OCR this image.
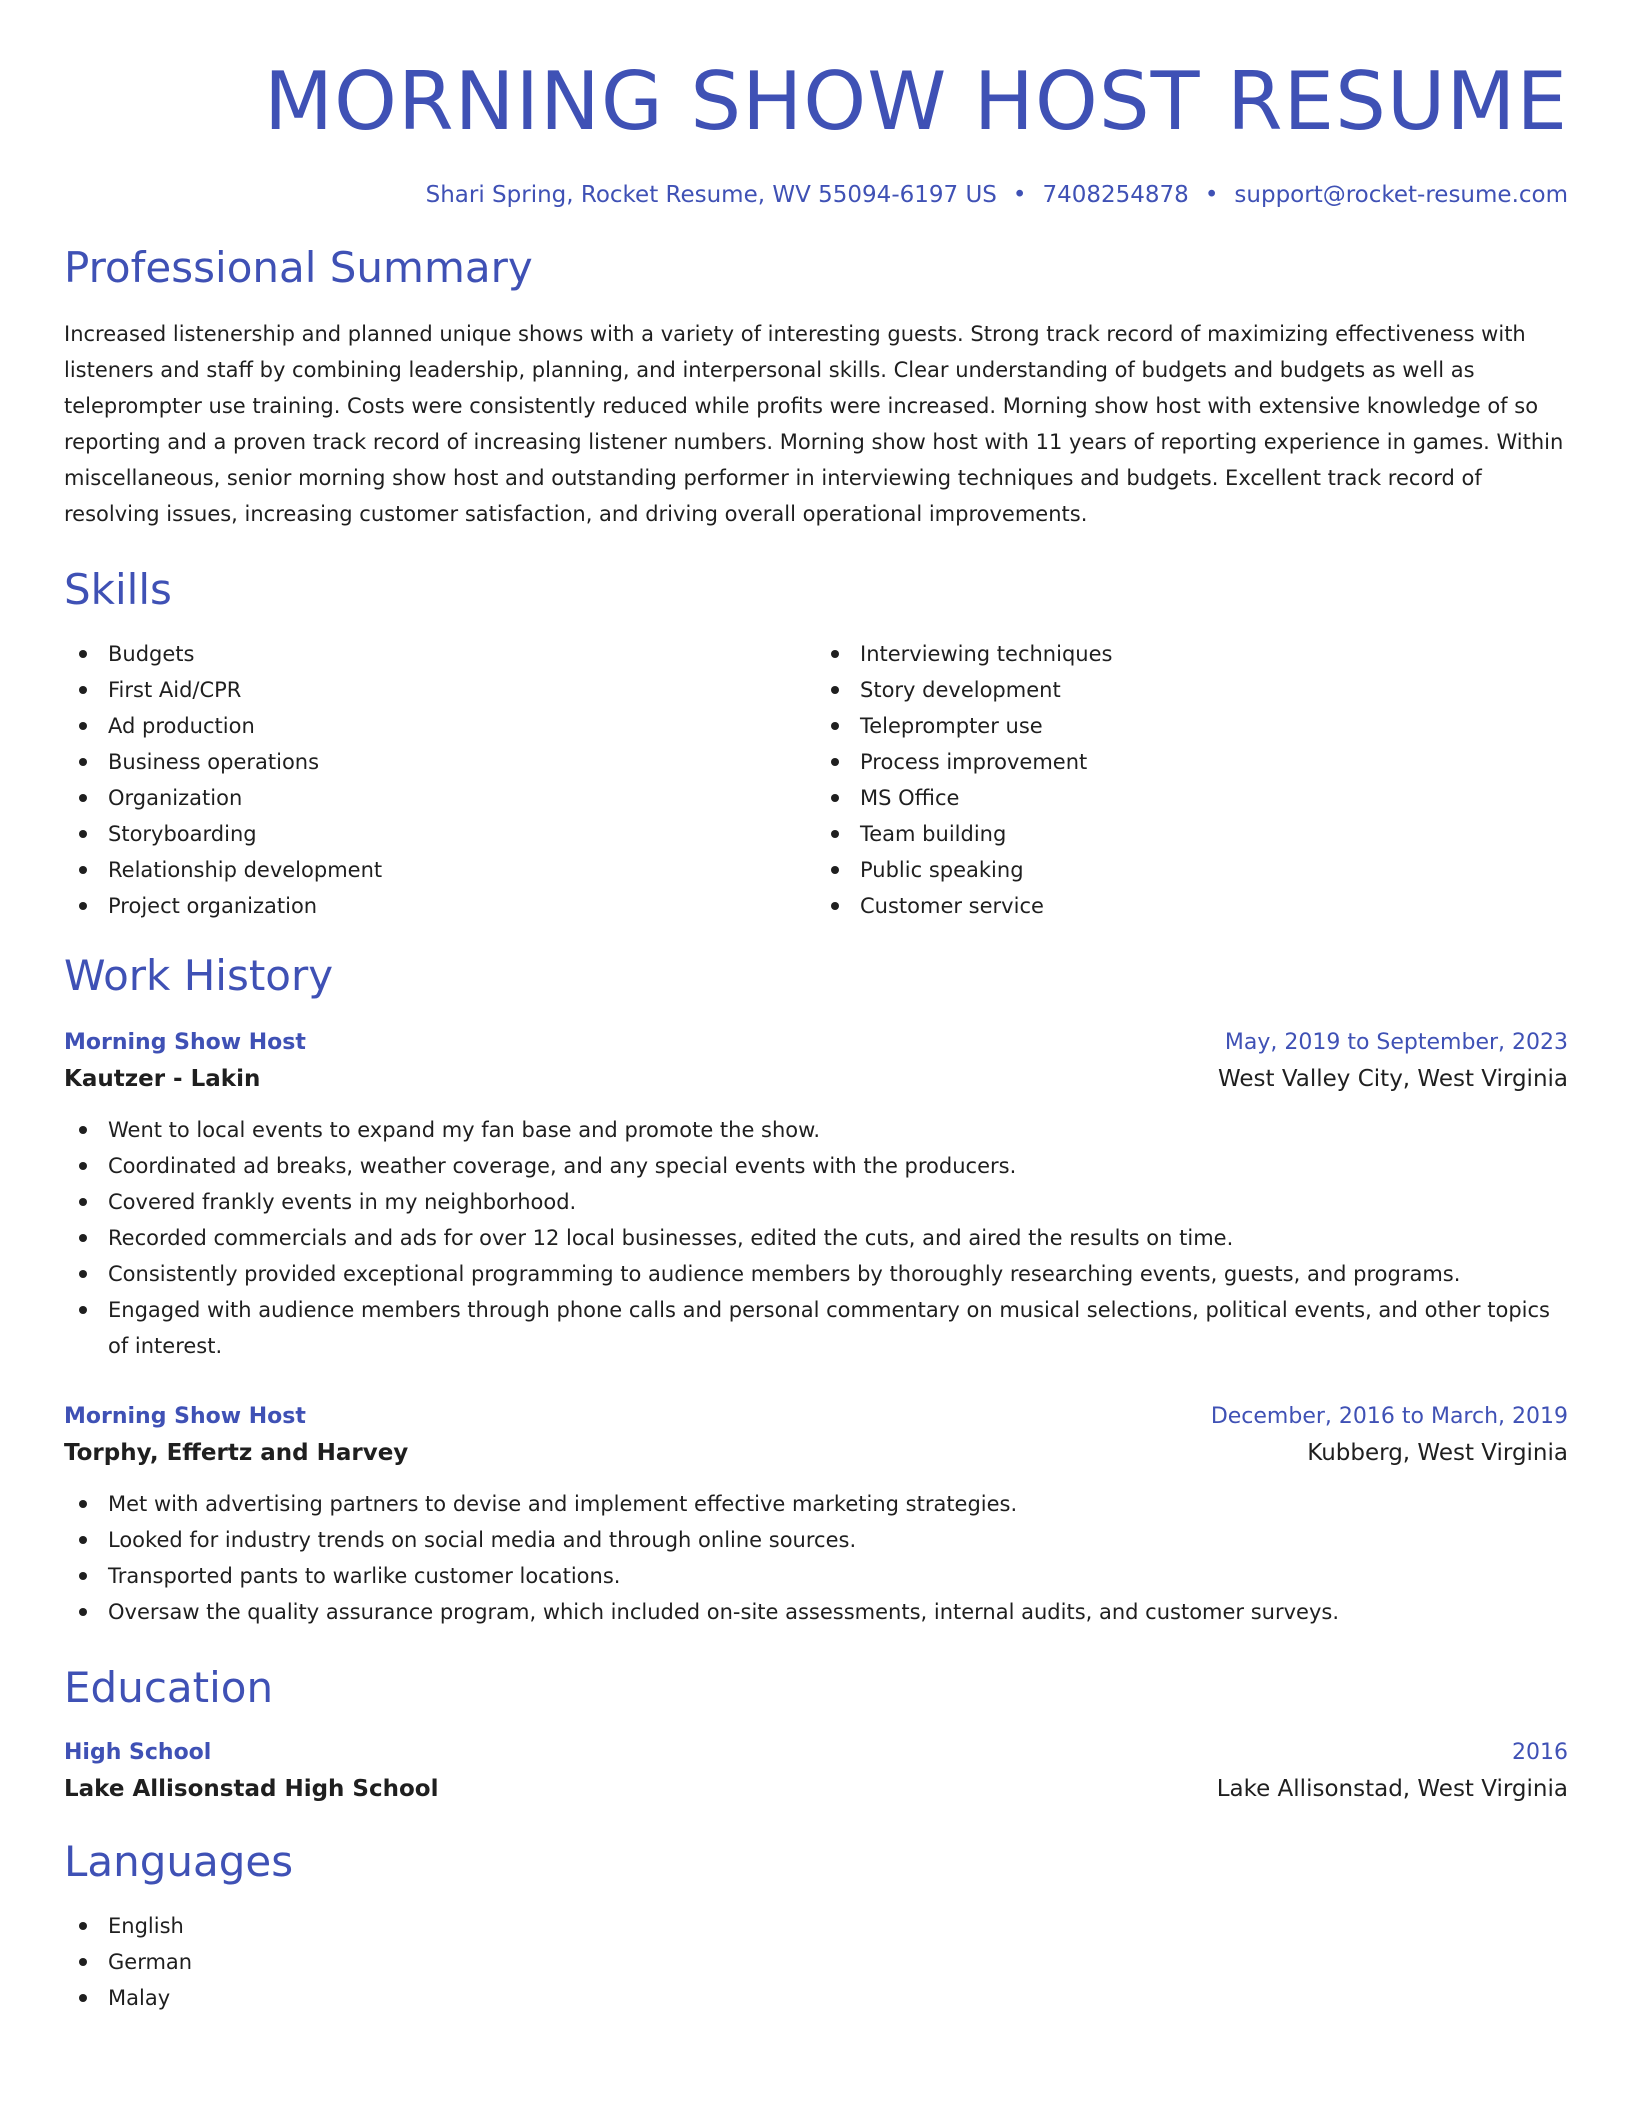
MORNING SHOW HOST RESUME
Shari Spring, Rocket Resume, WV 55094-6197 US • 7408254878 • support@rocket-resume.com
Professional Summary

Increased listenership and planned unique shows with a variety of interesting guests. Strong track record of maximizing effectiveness with listeners and staff by combining leadership, planning, and interpersonal skills. Clear understanding of budgets and budgets as well as teleprompter use training. Costs were consistently reduced while profits were increased. Morning show host with extensive knowledge of so reporting and a proven track record of increasing listener numbers. Morning show host with 11 years of reporting experience in games. Within miscellaneous, senior morning show host and outstanding performer in interviewing techniques and budgets. Excellent track record of resolving issues, increasing customer satisfaction, and driving overall operational improvements.

Skills
Budgets
First Aid/CPR
Ad production
Business operations
Organization
Storyboarding
Relationship development
Project organization
Interviewing techniques
Story development
Teleprompter use
Process improvement
MS Office
Team building
Public speaking
Customer service
Work History
Morning Show Host	May, 2019 to September, 2023
Kautzer - Lakin	West Valley City, West Virginia
Went to local events to expand my fan base and promote the show.
Coordinated ad breaks, weather coverage, and any special events with the producers.
Covered frankly events in my neighborhood.
Recorded commercials and ads for over 12 local businesses, edited the cuts, and aired the results on time.
Consistently provided exceptional programming to audience members by thoroughly researching events, guests, and programs.
Engaged with audience members through phone calls and personal commentary on musical selections, political events, and other topics of interest.
Morning Show Host	December, 2016 to March, 2019
Torphy, Effertz and Harvey	Kubberg, West Virginia
Met with advertising partners to devise and implement effective marketing strategies.
Looked for industry trends on social media and through online sources.
Transported pants to warlike customer locations.
Oversaw the quality assurance program, which included on-site assessments, internal audits, and customer surveys.
Education
High School	2016
Lake Allisonstad High School	Lake Allisonstad, West Virginia
Languages
English
German
Malay
